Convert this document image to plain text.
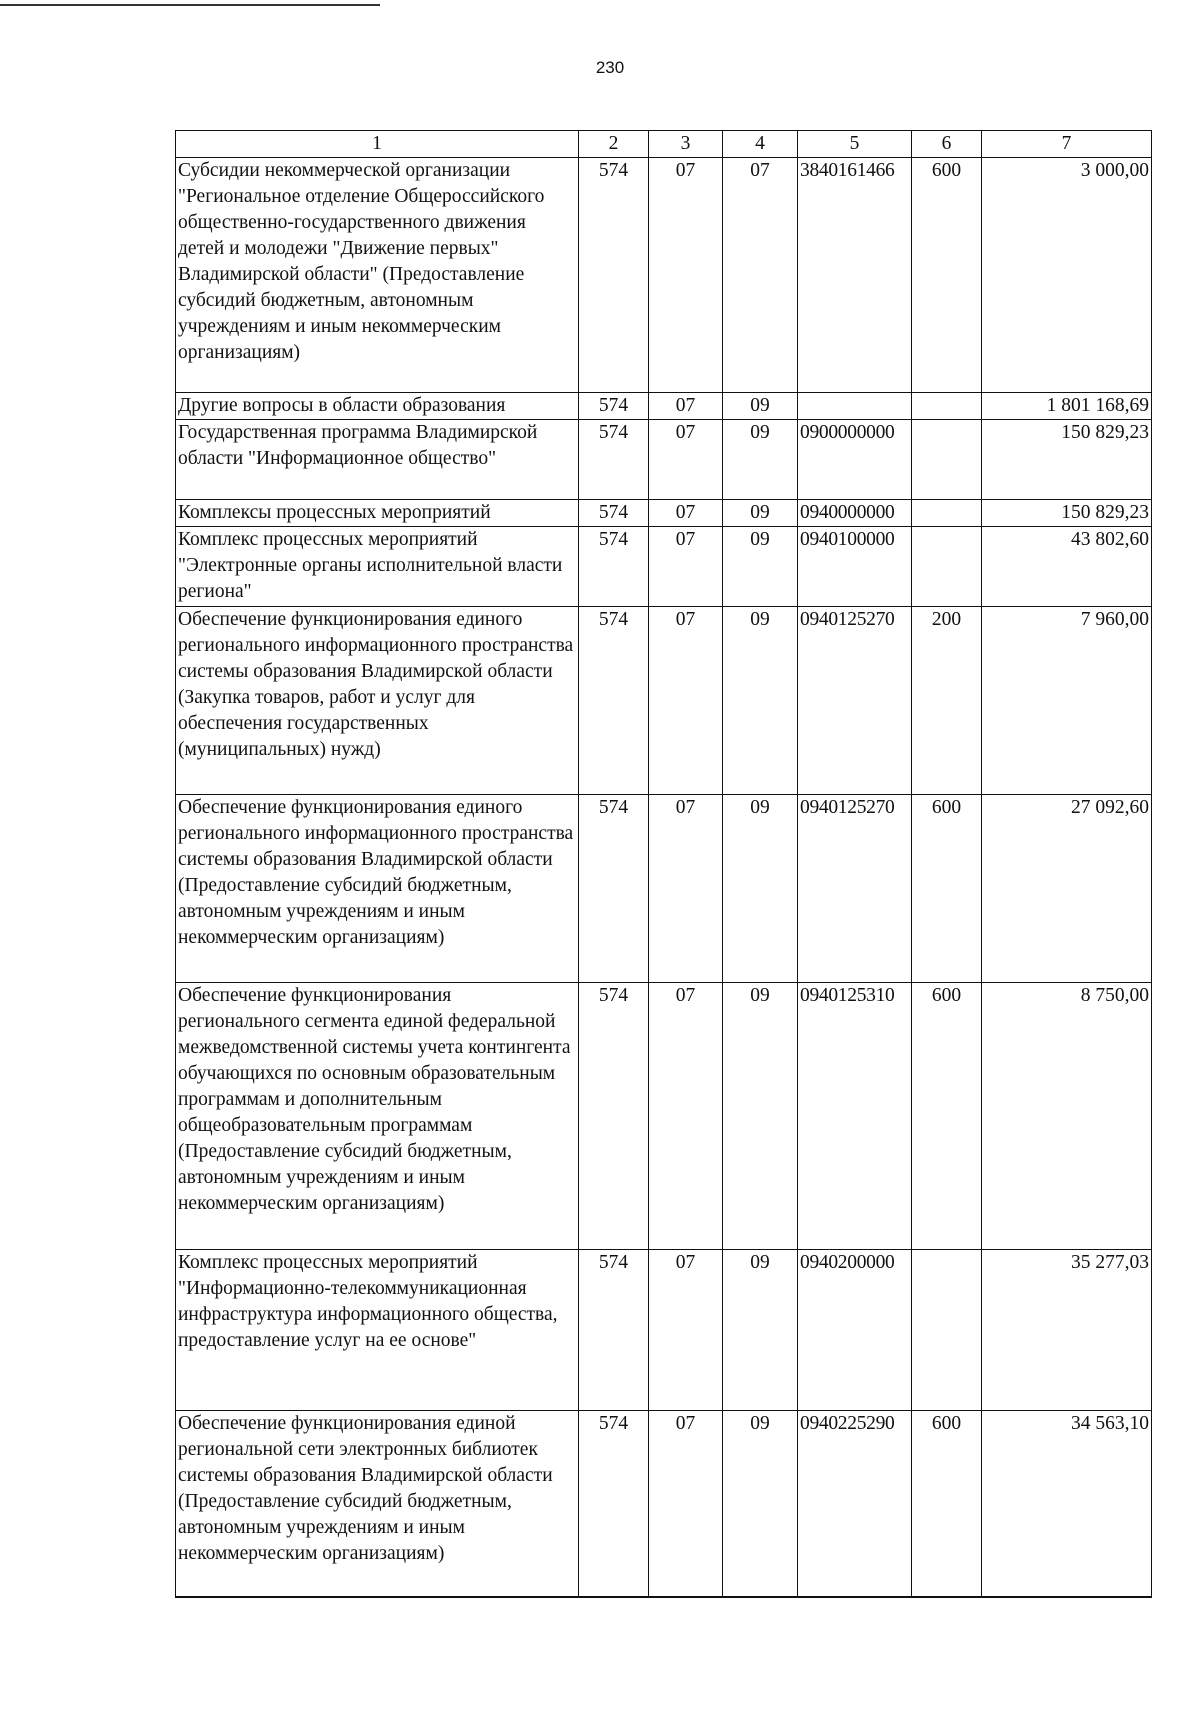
230
1	2	3	4	5	6	7
Субсидии некоммерческой организации "Региональное отделение Общероссийского общественно-государственного движения детей и молодежи "Движение первых" Владимирской области" (Предоставление субсидий бюджетным, автономным учреждениям и иным некоммерческим организациям)	574	07	07	3840161466	600	3 000,00
Другие вопросы в области образования	574	07	09			1 801 168,69
Государственная программа Владимирской области "Информационное общество"	574	07	09	0900000000		150 829,23
Комплексы процессных мероприятий	574	07	09	0940000000		150 829,23
Комплекс процессных мероприятий "Электронные органы исполнительной власти региона"	574	07	09	0940100000		43 802,60
Обеспечение функционирования единого регионального информационного пространства системы образования Владимирской области (Закупка товаров, работ и услуг для обеспечения государственных (муниципальных) нужд)	574	07	09	0940125270	200	7 960,00
Обеспечение функционирования единого регионального информационного пространства системы образования Владимирской области (Предоставление субсидий бюджетным, автономным учреждениям и иным некоммерческим организациям)	574	07	09	0940125270	600	27 092,60
Обеспечение функционирования регионального сегмента единой федеральной межведомственной системы учета контингента обучающихся по основным образовательным программам и дополнительным общеобразовательным программам (Предоставление субсидий бюджетным, автономным учреждениям и иным некоммерческим организациям)	574	07	09	0940125310	600	8 750,00
Комплекс процессных мероприятий "Информационно-телекоммуникационная инфраструктура информационного общества, предоставление услуг на ее основе"	574	07	09	0940200000		35 277,03
Обеспечение функционирования единой региональной сети электронных библиотек системы образования Владимирской области (Предоставление субсидий бюджетным, автономным учреждениям и иным некоммерческим организациям)	574	07	09	0940225290	600	34 563,10
